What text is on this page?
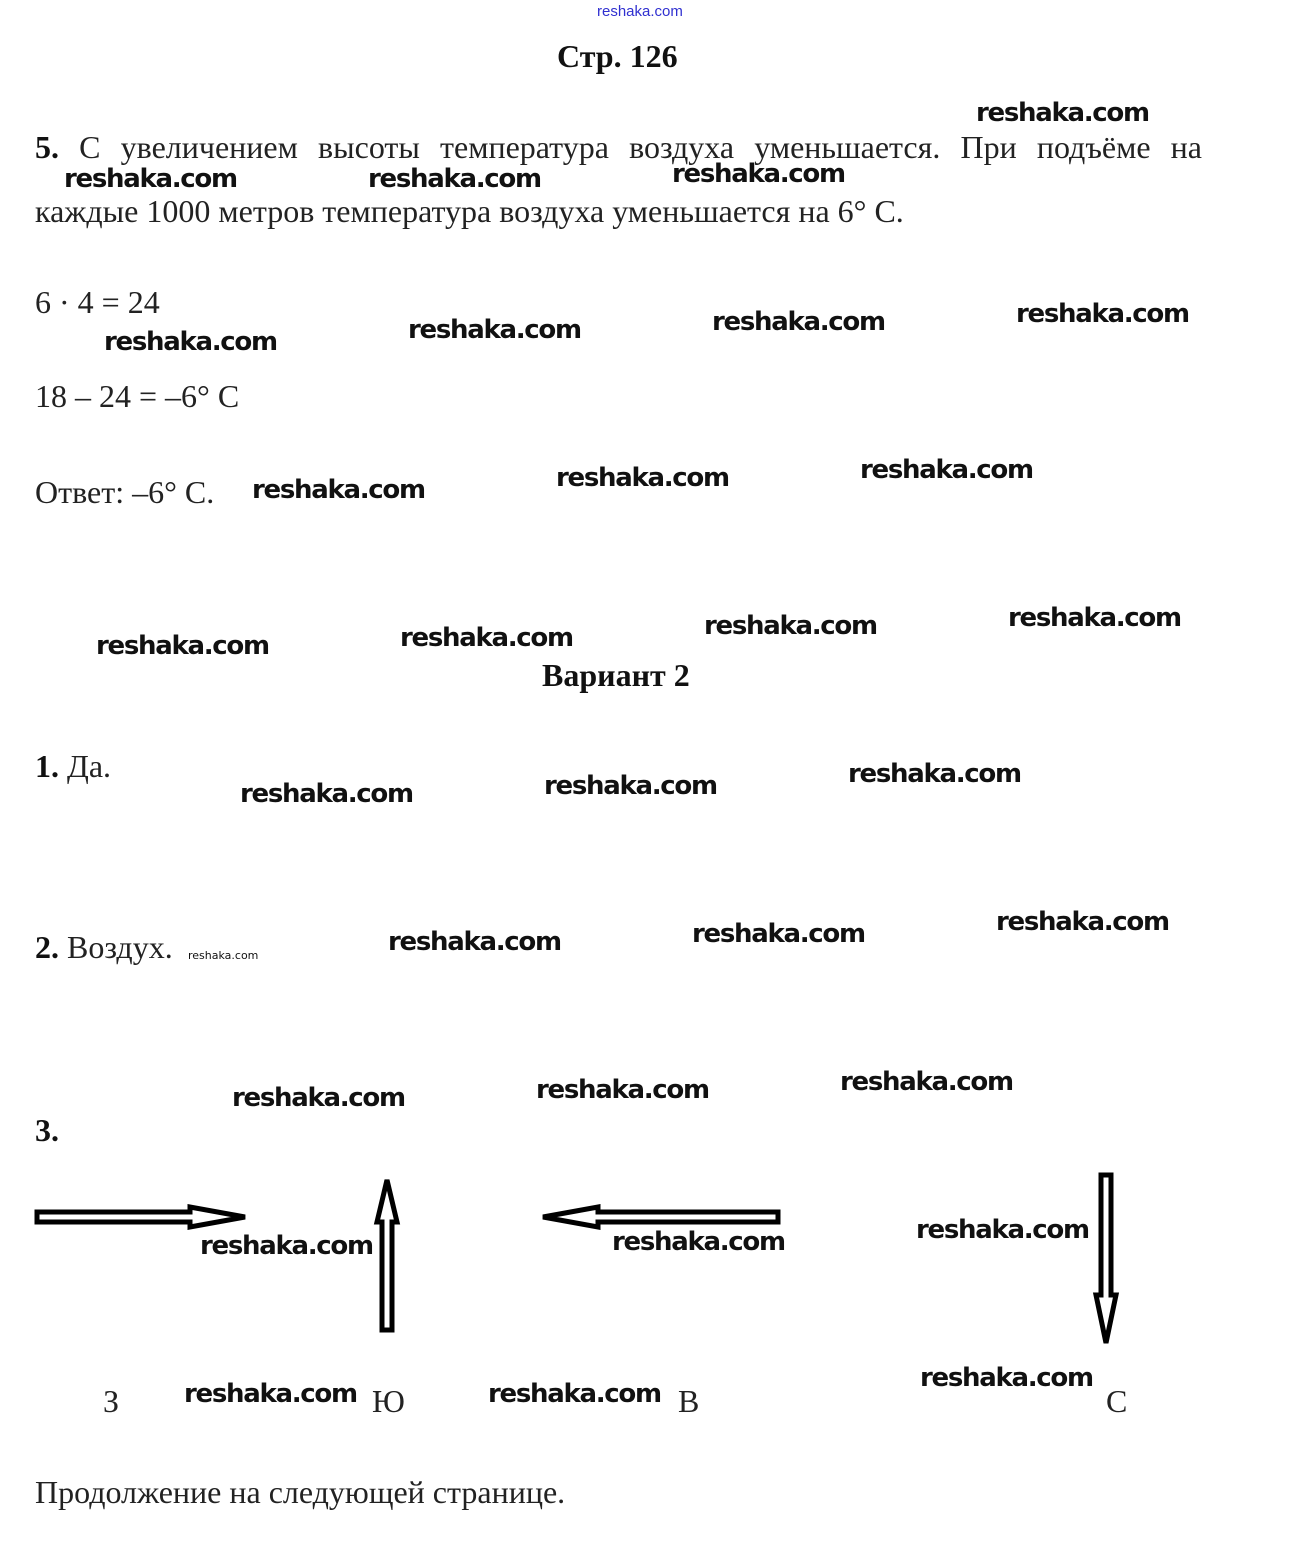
reshaka.com
Стр. 126
5. С увеличением высоты температура воздуха уменьшается. При подъёме на
каждые 1000 метров температура воздуха уменьшается на 6° С.
6 · 4 = 24
18 – 24 = –6° С
Ответ: –6° С.
Вариант 2
1. Да.
2. Воздух. reshaka.com
3.
З	Ю	В	С
Продолжение на следующей странице.
reshaka.com
reshaka.com	reshaka.com	reshaka.com
reshaka.com	reshaka.com	reshaka.com	reshaka.com
reshaka.com	reshaka.com	reshaka.com
reshaka.com	reshaka.com	reshaka.com	reshaka.com
reshaka.com	reshaka.com	reshaka.com
reshaka.com	reshaka.com	reshaka.com
reshaka.com	reshaka.com	reshaka.com
reshaka.com	reshaka.com	reshaka.com
reshaka.com	reshaka.com
reshaka.com
